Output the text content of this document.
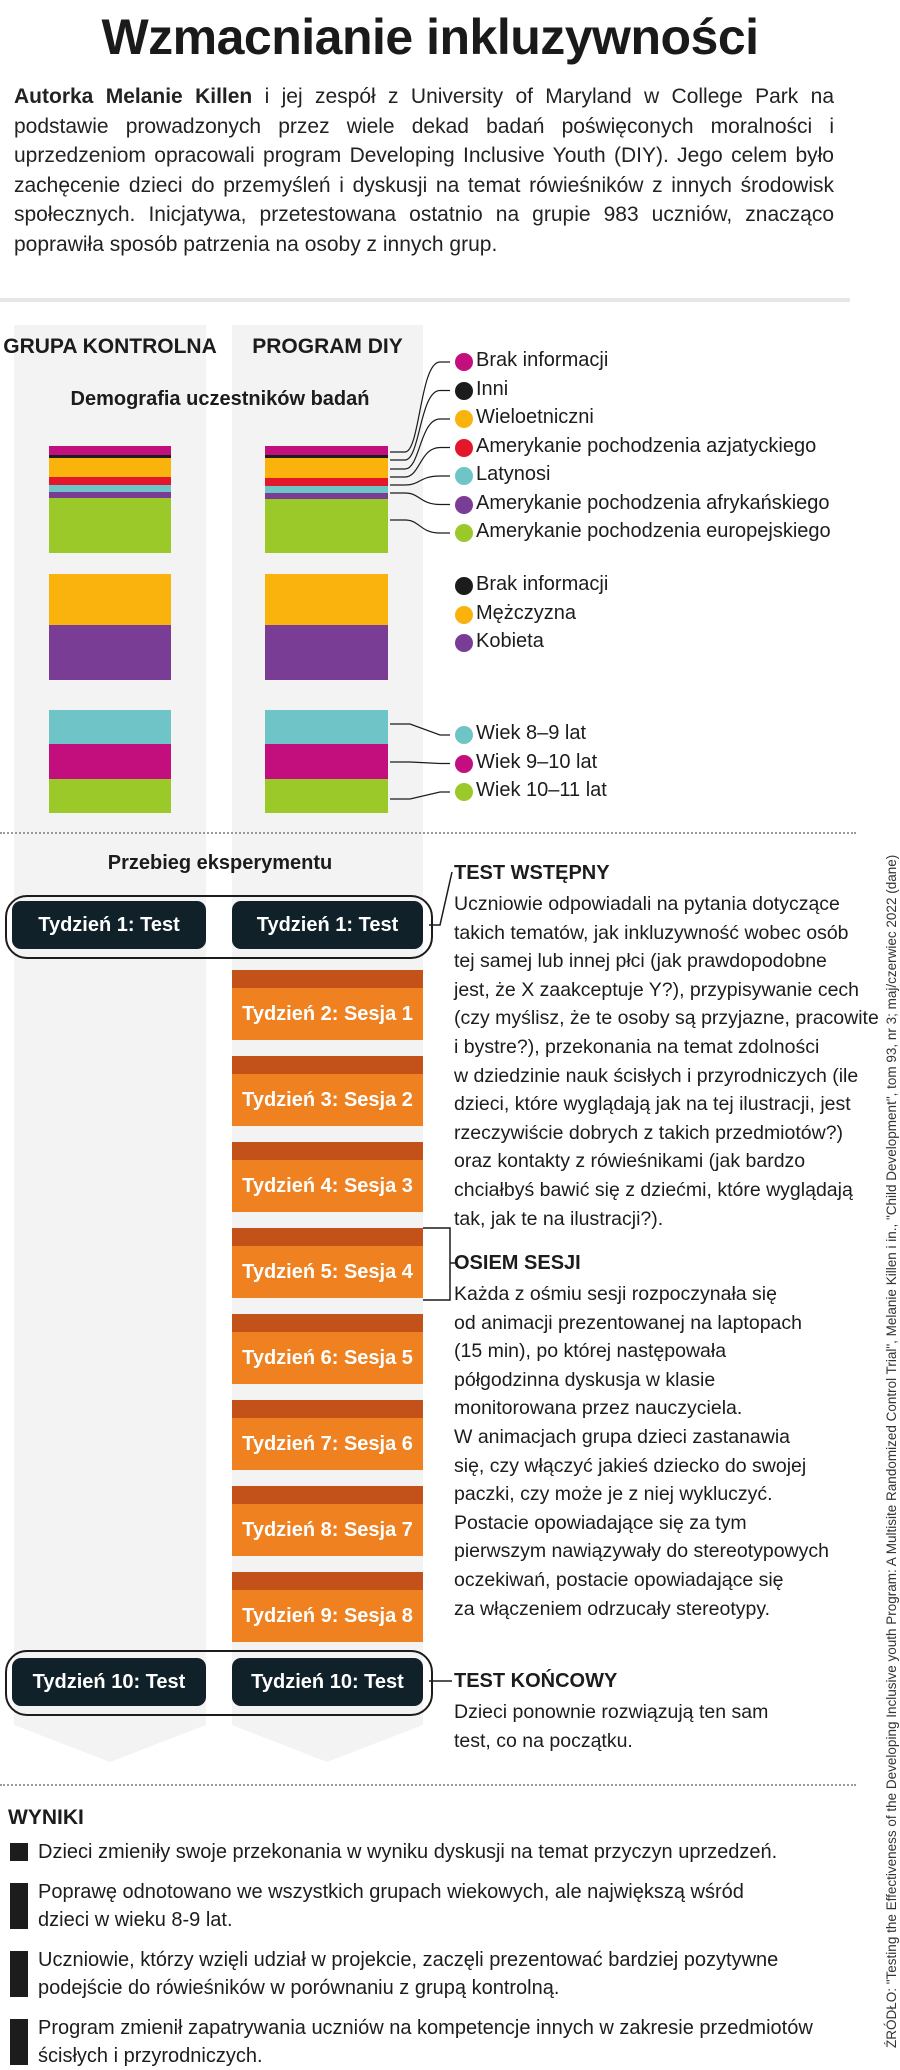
Wzmacnianie inkluzywności
Autorka Melanie Killen i jej zespół z University of Maryland w College Park na podstawie prowadzonych przez wiele dekad badań poświęconych moralności i uprzedzeniom opracowali program Developing Inclusive Youth (DIY). Jego celem było zachęcenie dzieci do przemyśleń i dyskusji na temat rówieśników z innych środowisk społecznych. Inicjatywa, przetestowana ostatnio na grupie 983 uczniów, znacząco poprawiła sposób patrzenia na osoby z innych grup.
GRUPA KONTROLNA	PROGRAM DIY
Demografia uczestników badań
Brak informacji
Inni
Wieloetniczni
Amerykanie pochodzenia azjatyckiego
Latynosi
Amerykanie pochodzenia afrykańskiego
Amerykanie pochodzenia europejskiego
Brak informacji
Mężczyzna
Kobieta
Wiek 8–9 lat
Wiek 9–10 lat
Wiek 10–11 lat
Przebieg eksperymentu
Tydzień 1: Test	Tydzień 1: Test
Tydzień 2: Sesja 1
Tydzień 3: Sesja 2
Tydzień 4: Sesja 3
Tydzień 5: Sesja 4
Tydzień 6: Sesja 5
Tydzień 7: Sesja 6
Tydzień 8: Sesja 7
Tydzień 9: Sesja 8
Tydzień 10: Test	Tydzień 10: Test
TEST WSTĘPNY
Uczniowie odpowiadali na pytania dotyczące
takich tematów, jak inkluzywność wobec osób
tej samej lub innej płci (jak prawdopodobne
jest, że X zaakceptuje Y?), przypisywanie cech
(czy myślisz, że te osoby są przyjazne, pracowite
i bystre?), przekonania na temat zdolności
w dziedzinie nauk ścisłych i przyrodniczych (ile
dzieci, które wyglądają jak na tej ilustracji, jest
rzeczywiście dobrych z takich przedmiotów?)
oraz kontakty z rówieśnikami (jak bardzo
chciałbyś bawić się z dziećmi, które wyglądają
tak, jak te na ilustracji?).
OSIEM SESJI
Każda z ośmiu sesji rozpoczynała się
od animacji prezentowanej na laptopach
(15 min), po której następowała
półgodzinna dyskusja w klasie
monitorowana przez nauczyciela.
W animacjach grupa dzieci zastanawia
się, czy włączyć jakieś dziecko do swojej
paczki, czy może je z niej wykluczyć.
Postacie opowiadające się za tym
pierwszym nawiązywały do stereotypowych
oczekiwań, postacie opowiadające się
za włączeniem odrzucały stereotypy.
TEST KOŃCOWY
Dzieci ponownie rozwiązują ten sam
test, co na początku.
WYNIKI
Dzieci zmieniły swoje przekonania w wyniku dyskusji na temat przyczyn uprzedzeń.
Poprawę odnotowano we wszystkich grupach wiekowych, ale największą wśród
dzieci w wieku 8-9 lat.
Uczniowie, którzy wzięli udział w projekcie, zaczęli prezentować bardziej pozytywne
podejście do rówieśników w porównaniu z grupą kontrolną.
Program zmienił zapatrywania uczniów na kompetencje innych w zakresie przedmiotów
ścisłych i przyrodniczych.
ŹRÓDŁO: "Testing the Effectiveness of the Developing Inclusive youth Program: A Multisite Randomized Control Trial", Melanie Killen i in., "Child Development", tom 93, nr 3; maj/czerwiec 2022 (dane)
